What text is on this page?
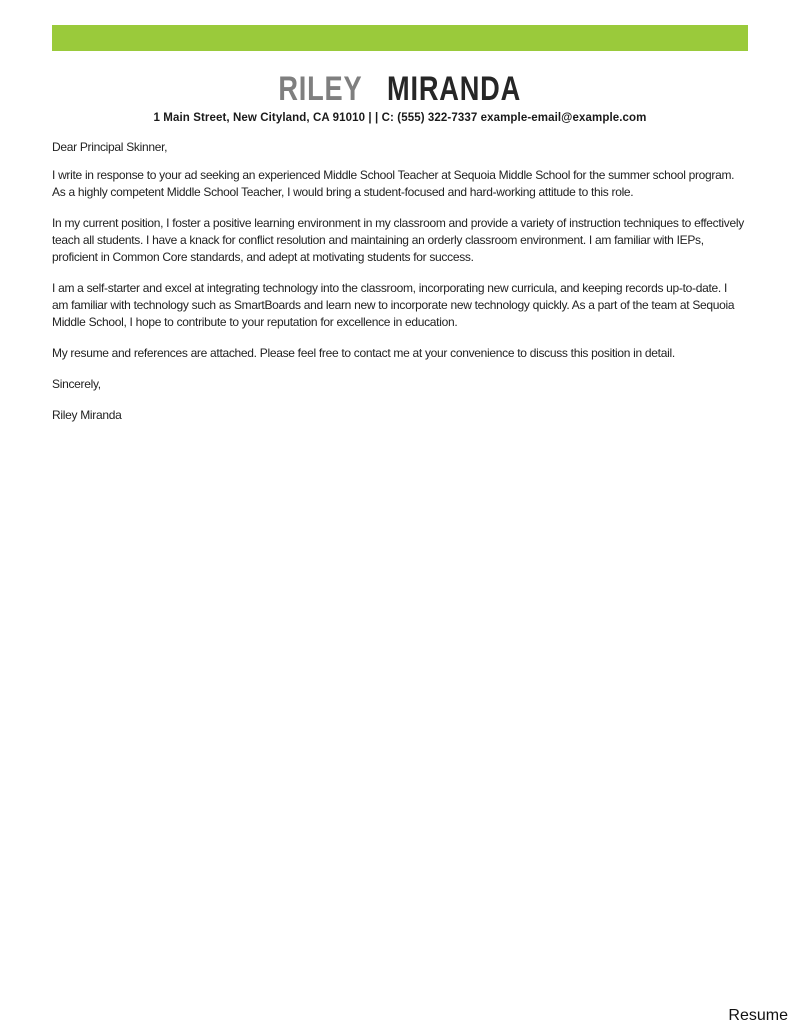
RILEY MIRANDA
1 Main Street, New Cityland, CA 91010 | | C: (555) 322-7337 example-email@example.com

Dear Principal Skinner,

I write in response to your ad seeking an experienced Middle School Teacher at Sequoia Middle School for the summer school program. As a highly competent Middle School Teacher, I would bring a student-focused and hard-working attitude to this role.

In my current position, I foster a positive learning environment in my classroom and provide a variety of instruction techniques to effectively teach all students. I have a knack for conflict resolution and maintaining an orderly classroom environment. I am familiar with IEPs, proficient in Common Core standards, and adept at motivating students for success.

I am a self-starter and excel at integrating technology into the classroom, incorporating new curricula, and keeping records up-to-date. I am familiar with technology such as SmartBoards and learn new to incorporate new technology quickly. As a part of the team at Sequoia Middle School, I hope to contribute to your reputation for excellence in education.

My resume and references are attached. Please feel free to contact me at your convenience to discuss this position in detail.

Sincerely,

Riley Miranda

Resume
